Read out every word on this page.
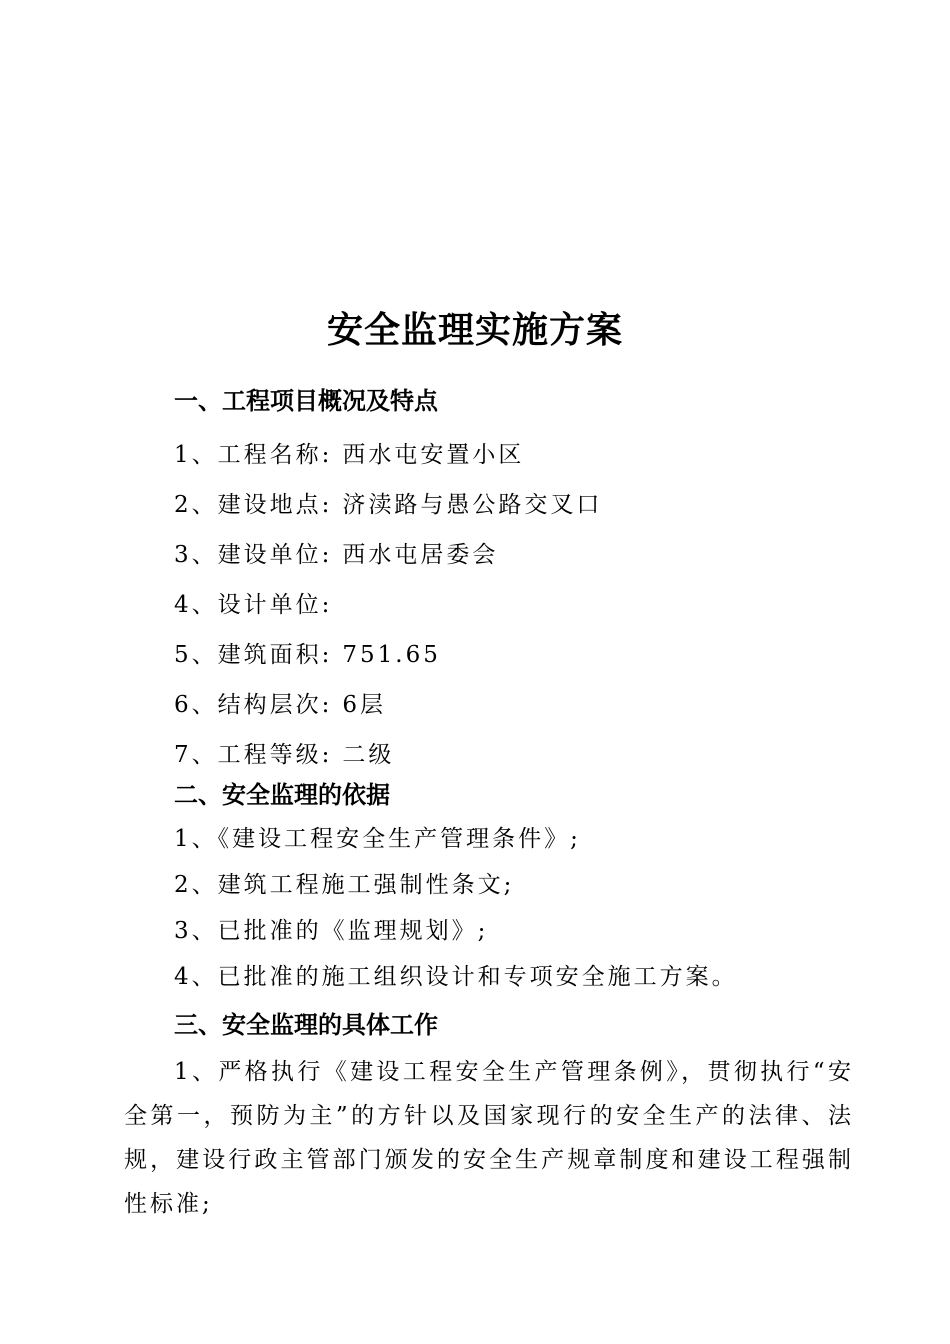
安全监理实施方案
一、工程项目概况及特点

1、工程名称: 西水屯安置小区

2、建设地点: 济渎路与愚公路交叉口

3、建设单位: 西水屯居委会

4、设计单位:

5、建筑面积: 751.65

6、结构层次: 6层

7、工程等级: 二级

二、安全监理的依据

1、《建设工程安全生产管理条件》;

2、建筑工程施工强制性条文;

3、已批准的《监理规划》;

4、已批准的施工组织设计和专项安全施工方案。

三、安全监理的具体工作

1、严格执行《建设工程安全生产管理条例》，贯彻执行“安全第一，预防为主”的方针以及国家现行的安全生产的法律、法规，建设行政主管部门颁发的安全生产规章制度和建设工程强制性标准;
